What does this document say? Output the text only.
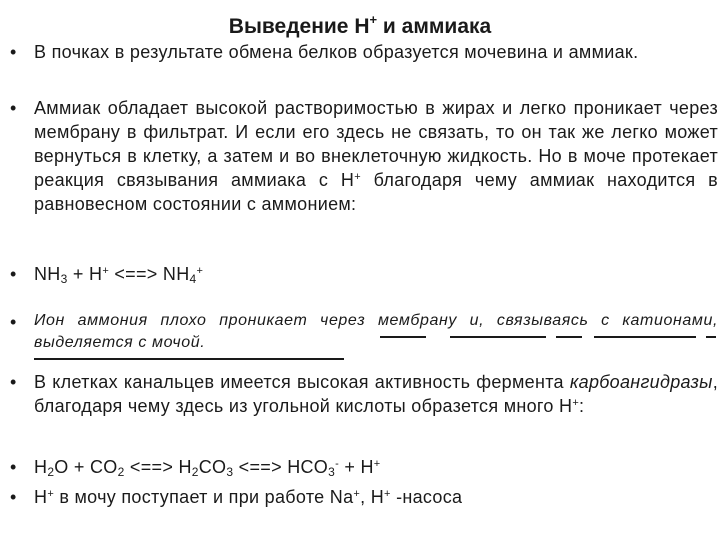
Выведение H+ и аммиака
• В почках в результате обмена белков образуется мочевина и аммиак.
• Аммиак обладает высокой растворимостью в жирах и легко проникает через мембрану в фильтрат. И если его здесь не связать, то он так же легко может вернуться в клетку, а затем и во внеклеточную жидкость. Но в моче протекает реакция связывания аммиака с H+ благодаря чему аммиак находится в равновесном состоянии с аммонием:
• $NH_3 + H^+$ <==> $NH_4^+$
• Ион аммония плохо проникает через мембрану и, связываясь с катионами, выделяется с мочой.
• В клетках канальцев имеется высокая активность фермента карбоангидразы, благодаря чему здесь из угольной кислоты образется много H+:
• $H_2O + CO_2$ <==> $H_2CO_3$ <==> $HCO_3^- + H^+$
• H+ в мочу поступает и при работе Na+, H+ -насоса
